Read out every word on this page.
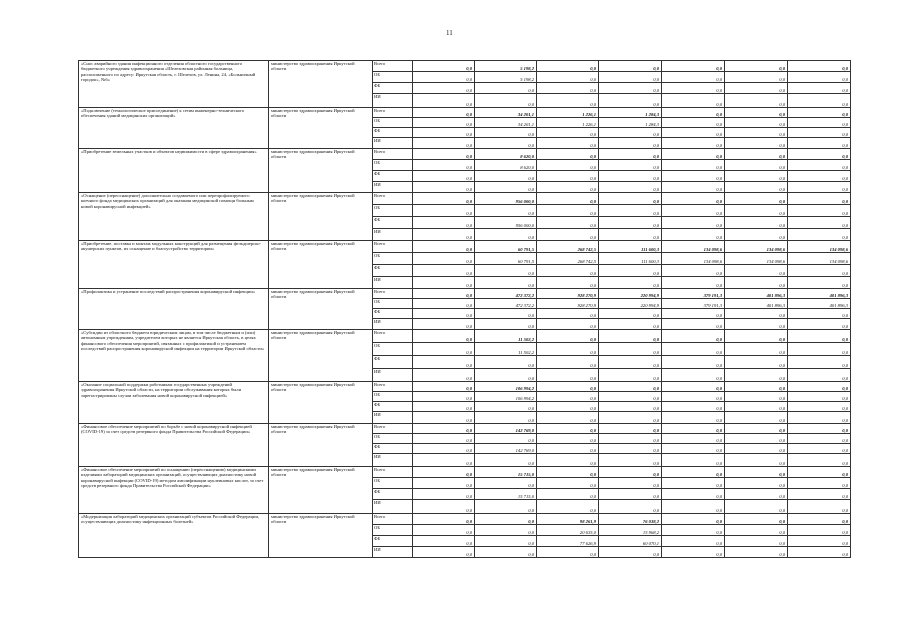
11
«Снос аварийного здания инфекционного отделения областного государственного бюджетного учреждения здравоохранения «Шелеховская районная больница, расположенного по адресу: Иркутская область, г. Шелехов, ул. Ленина, 24, «Больничный городок», №6»	министерство здравоохранения Иркутской области	Всего	0,0	5 198,2	0,0	0,0	0,0	0,0	0,0
		ОБ	0,0	5 198,2	0,0	0,0	0,0	0,0	0,0
		ФБ	0,0	0,0	0,0	0,0	0,0	0,0	0,0
		ИИ	0,0	0,0	0,0	0,0	0,0	0,0	0,0
«Подключение (технологическое присоединение) к сетям инженерно-технического обеспечения зданий медицинских организаций»	министерство здравоохранения Иркутской области	Всего	0,0	34 201,1	1 226,1	1 284,3	0,0	0,0	0,0
		ОБ	0,0	34 201,1	1 226,1	1 284,3	0,0	0,0	0,0
		ФБ	0,0	0,0	0,0	0,0	0,0	0,0	0,0
		ИИ	0,0	0,0	0,0	0,0	0,0	0,0	0,0
«Приобретение земельных участков и объектов недвижимости в сфере здравоохранения»	министерство здравоохранения Иркутской области	Всего	0,0	8 620,0	0,0	0,0	0,0	0,0	0,0
		ОБ	0,0	8 620,0	0,0	0,0	0,0	0,0	0,0
		ФБ	0,0	0,0	0,0	0,0	0,0	0,0	0,0
		ИИ	0,0	0,0	0,0	0,0	0,0	0,0	0,0
«Оснащение (переоснащение) дополнительно создаваемого или перепрофилируемого коечного фонда медицинских организаций для оказания медицинской помощи больным новой коронавирусной инфекцией»	министерство здравоохранения Иркутской области	Всего	0,0	956 000,0	0,0	0,0	0,0	0,0	0,0
		ОБ	0,0	0,0	0,0	0,0	0,0	0,0	0,0
		ФБ	0,0	956 000,0	0,0	0,0	0,0	0,0	0,0
		ИИ	0,0	0,0	0,0	0,0	0,0	0,0	0,0
«Приобретение, поставка и монтаж модульных конструкций для размещения фельдшерско-акушерских пунктов, их оснащение и благоустройство территории»	министерство здравоохранения Иркутской области	Всего	0,0	60 791,5	268 742,5	111 600,3	134 098,6	134 098,6	134 098,6
		ОБ	0,0	60 791,5	268 742,5	111 600,3	134 098,6	134 098,6	134 098,6
		ФБ	0,0	0,0	0,0	0,0	0,0	0,0	0,0
		ИИ	0,0	0,0	0,0	0,0	0,0	0,0	0,0
«Профилактика и устранение последствий распространения коронавирусной инфекции»	министерство здравоохранения Иркутской области	Всего	0,0	472 372,2	928 270,9	220 994,9	379 191,3	401 896,3	401 896,3
		ОБ	0,0	472 372,2	928 270,9	220 994,9	379 191,3	401 896,3	401 896,3
		ФБ	0,0	0,0	0,0	0,0	0,0	0,0	0,0
		ИИ	0,0	0,0	0,0	0,0	0,0	0,0	0,0
«Субсидии из областного бюджета юридическим лицам, в том числе бюджетным и (или) автономным учреждениям, учредителем которых не является Иркутская область, в целях финансового обеспечения мероприятий, связанных с профилактикой и устранением последствий распространения коронавирусной инфекции на территории Иркутской области»	министерство здравоохранения Иркутской области	Всего	0,0	11 502,2	0,0	0,0	0,0	0,0	0,0
		ОБ	0,0	11 502,2	0,0	0,0	0,0	0,0	0,0
		ФБ	0,0	0,0	0,0	0,0	0,0	0,0	0,0
		ИИ	0,0	0,0	0,0	0,0	0,0	0,0	0,0
«Оказание социальной поддержки работникам государственных учреждений здравоохранения Иркутской области, на территории обслуживания которых были зарегистрированы случаи заболевания новой коронавирусной инфекцией»	министерство здравоохранения Иркутской области	Всего	0,0	106 994,2	0,0	0,0	0,0	0,0	0,0
		ОБ	0,0	106 994,2	0,0	0,0	0,0	0,0	0,0
		ФБ	0,0	0,0	0,0	0,0	0,0	0,0	0,0
		ИИ	0,0	0,0	0,0	0,0	0,0	0,0	0,0
«Финансовое обеспечение мероприятий по борьбе с новой коронавирусной инфекцией (COVID-19) за счет средств резервного фонда Правительства Российской Федерации»	министерство здравоохранения Иркутской области	Всего	0,0	142 769,0	0,0	0,0	0,0	0,0	0,0
		ОБ	0,0	0,0	0,0	0,0	0,0	0,0	0,0
		ФБ	0,0	142 769,0	0,0	0,0	0,0	0,0	0,0
		ИИ	0,0	0,0	0,0	0,0	0,0	0,0	0,0
«Финансовое обеспечение мероприятий по оснащению (переоснащению) медицинскими изделиями лабораторий медицинских организаций, осуществляющих диагностику новой коронавирусной инфекции (COVID-19) методом амплификации нуклеиновых кислот, за счет средств резервного фонда Правительства Российской Федерации»	министерство здравоохранения Иркутской области	Всего	0,0	15 715,0	0,0	0,0	0,0	0,0	0,0
		ОБ	0,0	0,0	0,0	0,0	0,0	0,0	0,0
		ФБ	0,0	15 715,0	0,0	0,0	0,0	0,0	0,0
		ИИ	0,0	0,0	0,0	0,0	0,0	0,0	0,0
«Модернизация лабораторий медицинских организаций субъектов Российской Федерации, осуществляющих диагностику инфекционных болезней»	министерство здравоохранения Иркутской области	Всего	0,0	0,0	98 261,9	76 038,2	0,0	0,0	0,0
		ОБ	0,0	0,0	20 635,0	15 968,2	0,0	0,0	0,0
		ФБ	0,0	0,0	77 626,9	60 070,1	0,0	0,0	0,0
		ИИ	0,0	0,0	0,0	0,0	0,0	0,0	0,0
